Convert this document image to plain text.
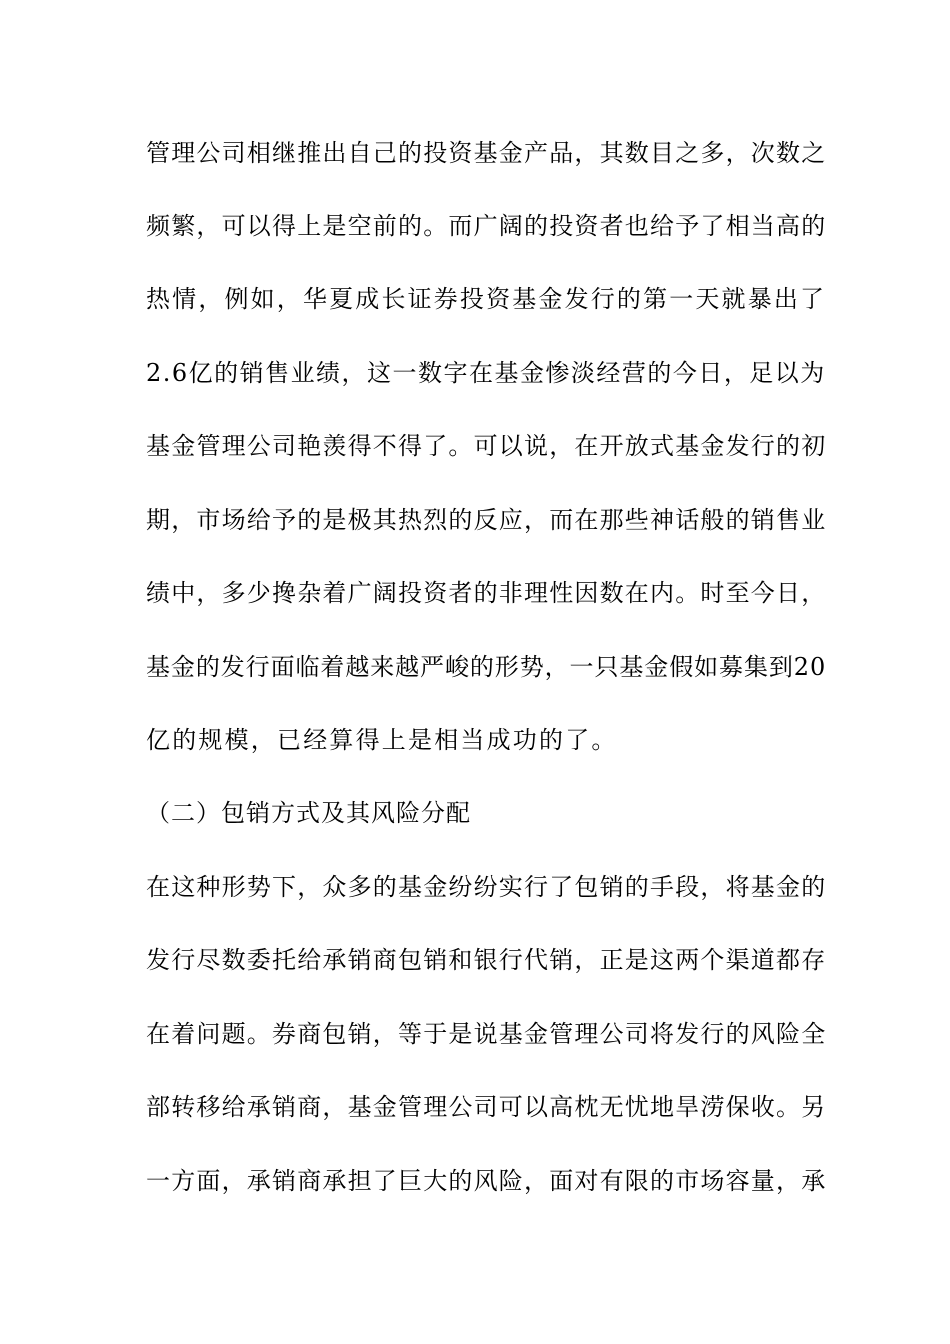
管理公司相继推出自己的投资基金产品，其数目之多，次数之
频繁，可以得上是空前的。而广阔的投资者也给予了相当高的
热情，例如，华夏成长证券投资基金发行的第一天就暴出了
2.6亿的销售业绩，这一数字在基金惨淡经营的今日，足以为
基金管理公司艳羡得不得了。可以说，在开放式基金发行的初
期，市场给予的是极其热烈的反应，而在那些神话般的销售业
绩中，多少搀杂着广阔投资者的非理性因数在内。时至今日，
基金的发行面临着越来越严峻的形势，一只基金假如募集到20
亿的规模，已经算得上是相当成功的了。
（二）包销方式及其风险分配
在这种形势下，众多的基金纷纷实行了包销的手段，将基金的
发行尽数委托给承销商包销和银行代销，正是这两个渠道都存
在着问题。券商包销，等于是说基金管理公司将发行的风险全
部转移给承销商，基金管理公司可以高枕无忧地旱涝保收。另
一方面，承销商承担了巨大的风险，面对有限的市场容量，承
